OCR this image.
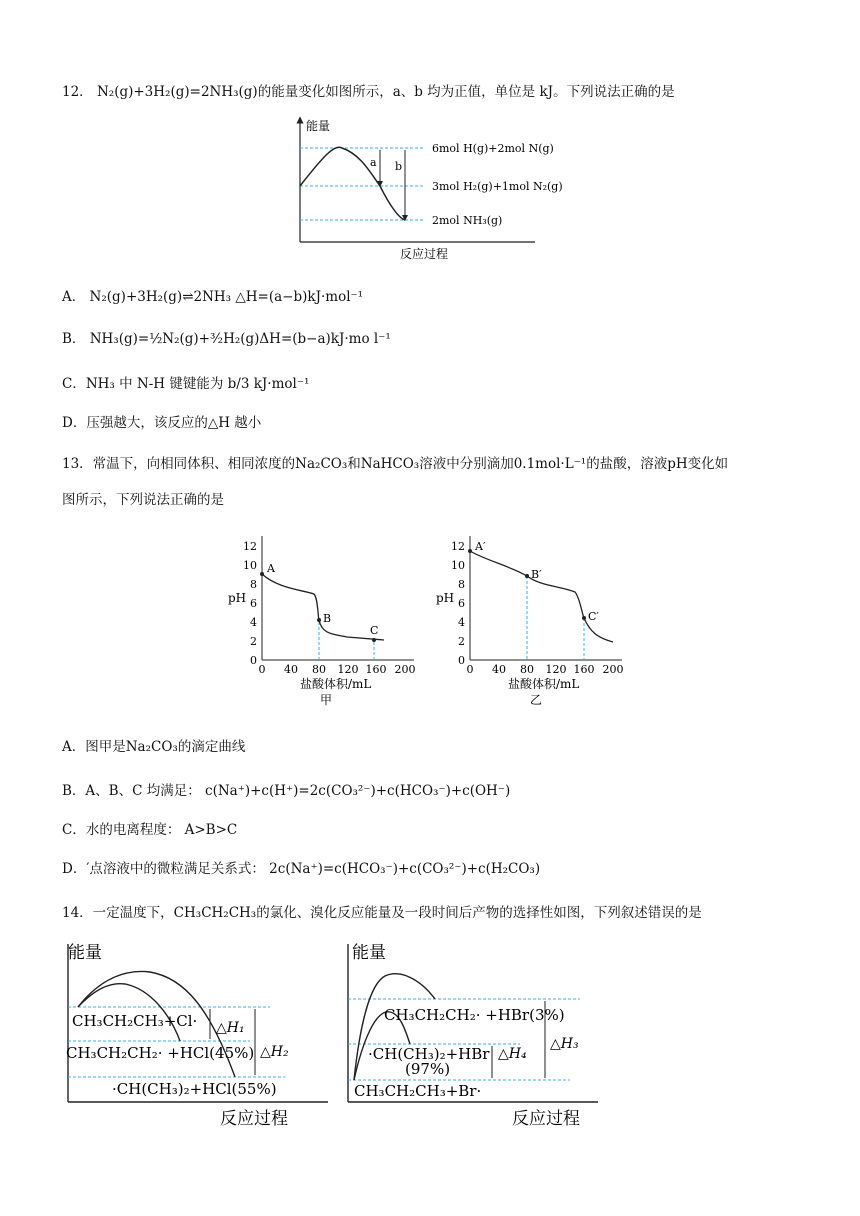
12． N₂(g)+3H₂(g)=2NH₃(g)的能量变化如图所示，a、b 均为正值，单位是 kJ。下列说法正确的是
能量
a b
6mol H(g)+2mol N(g)
3mol H₂(g)+1mol N₂(g)
2mol NH₃(g)
反应过程
A． N₂(g)+3H₂(g)⇌2NH₃ △H=(a−b)kJ·mol⁻¹
B． NH₃(g)=½N₂(g)+³⁄₂H₂(g)ΔH=(b−a)kJ·mo l⁻¹
C．NH₃ 中 N-H 键键能为 b/3 kJ·mol⁻¹
D．压强越大，该反应的△H 越小
13．常温下，向相同体积、相同浓度的Na₂CO₃和NaHCO₃溶液中分别滴加0.1mol·L⁻¹的盐酸，溶液pH变化如
图所示，下列说法正确的是
0
2
4
6
8
10
12
0 40 80 120 160 200
pH
盐酸体积/mL
甲
A
B
C
0
2
4
6
8
10
12
0 40 80 120 160 200
pH
盐酸体积/mL
乙
A′
B′
C′
A．图甲是Na₂CO₃的滴定曲线
B．A、B、C 均满足： c(Na⁺)+c(H⁺)=2c(CO₃²⁻)+c(HCO₃⁻)+c(OH⁻)
C．水的电离程度： A>B>C
D．′点溶液中的微粒满足关系式： 2c(Na⁺)=c(HCO₃⁻)+c(CO₃²⁻)+c(H₂CO₃)
14．一定温度下，CH₃CH₂CH₃的氯化、溴化反应能量及一段时间后产物的选择性如图，下列叙述错误的是
能量
反应过程
CH₃CH₂CH₃+Cl·
CH₃CH₂CH₂· +HCl(45%)
·CH(CH₃)₂+HCl(55%)
△H₁
△H₂
能量
反应过程
CH₃CH₂CH₂· +HBr(3%)
·CH(CH₃)₂+HBr
(97%)
CH₃CH₂CH₃+Br·
△H₄
△H₃
